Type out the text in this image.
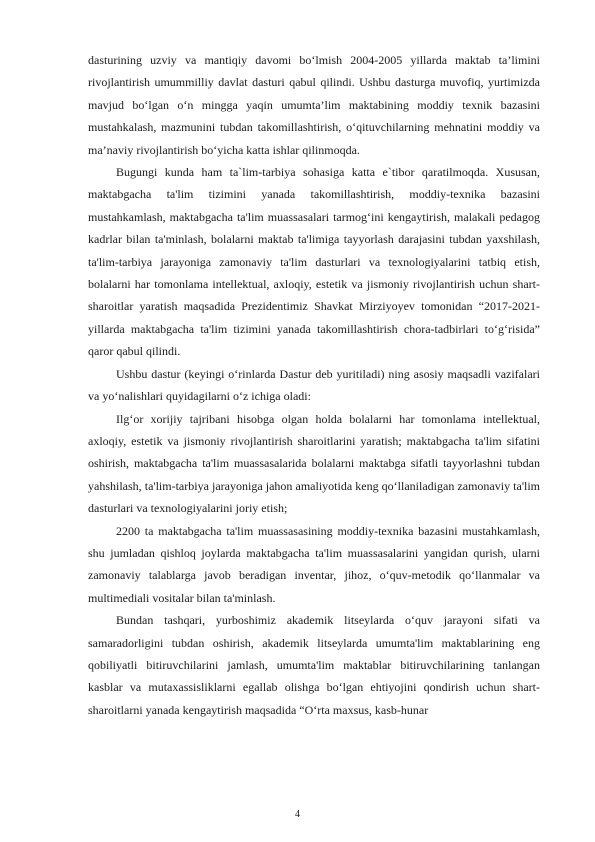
dasturining uzviy va mantiqiy davomi bo‘lmish 2004-2005 yillarda maktab ta’limini rivojlantirish umummilliy davlat dasturi qabul qilindi. Ushbu dasturga muvofiq, yurtimizda mavjud bo‘lgan o‘n mingga yaqin umumta’lim maktabining moddiy texnik bazasini mustahkalash, mazmunini tubdan takomillashtirish, o‘qituvchilarning mehnatini moddiy va ma’naviy rivojlantirish bo‘yicha katta ishlar qilinmoqda.

Bugungi kunda ham ta`lim-tarbiya sohasiga katta e`tibor qaratilmoqda. Xususan, maktabgacha ta'lim tizimini yanada takomillashtirish, moddiy-texnika bazasini mustahkamlash, maktabgacha ta'lim muassasalari tarmog‘ini kengaytirish, malakali pedagog kadrlar bilan ta'minlash, bolalarni maktab ta'limiga tayyorlash darajasini tubdan yaxshilash, ta'lim-tarbiya jarayoniga zamonaviy ta'lim dasturlari va texnologiyalarini tatbiq etish, bolalarni har tomonlama intellektual, axloqiy, estetik va jismoniy rivojlantirish uchun shart-sharoitlar yaratish maqsadida Prezidentimiz Shavkat Mirziyoyev tomonidan “2017-2021-yillarda maktabgacha ta'lim tizimini yanada takomillashtirish chora-tadbirlari to‘g‘risida” qaror qabul qilindi.

Ushbu dastur (keyingi o‘rinlarda Dastur deb yuritiladi) ning asosiy maqsadli vazifalari va yo‘nalishlari quyidagilarni o‘z ichiga oladi:

Ilg‘or xorijiy tajribani hisobga olgan holda bolalarni har tomonlama intellektual, axloqiy, estetik va jismoniy rivojlantirish sharoitlarini yaratish; maktabgacha ta'lim sifatini oshirish, maktabgacha ta'lim muassasalarida bolalarni maktabga sifatli tayyorlashni tubdan yahshilash, ta'lim-tarbiya jarayoniga jahon amaliyotida keng qo‘llaniladigan zamonaviy ta'lim dasturlari va texnologiyalarini joriy etish;

2200 ta maktabgacha ta'lim muassasasining moddiy-texnika bazasini mustahkamlash, shu jumladan qishloq joylarda maktabgacha ta'lim muassasalarini yangidan qurish, ularni zamonaviy talablarga javob beradigan inventar, jihoz, o‘quv-metodik qo‘llanmalar va multimediali vositalar bilan ta'minlash.

Bundan tashqari, yurboshimiz akademik litseylarda o‘quv jarayoni sifati va samaradorligini tubdan oshirish, akademik litseylarda umumta'lim maktablarining eng qobiliyatli bitiruvchilarini jamlash, umumta'lim maktablar bitiruvchilarining tanlangan kasblar va mutaxassisliklarni egallab olishga bo‘lgan ehtiyojini qondirish uchun shart-sharoitlarni yanada kengaytirish maqsadida “O‘rta maxsus, kasb-hunar

4
